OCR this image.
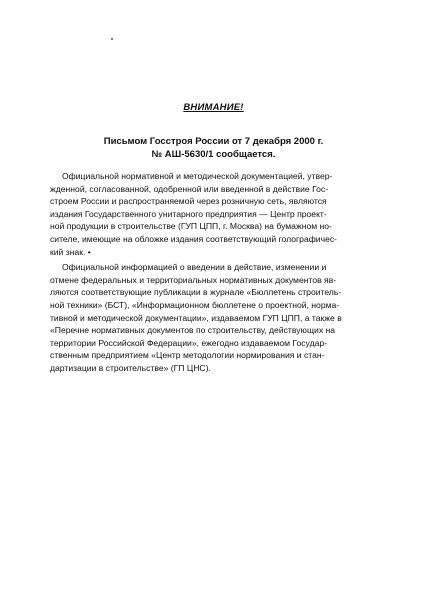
ВНИМАНИЕ!
Письмом Госстроя России от 7 декабря 2000 г.
№ АШ-5630/1 сообщается.

Официальной нормативной и методической документацией, утвер-
жденной, согласованной, одобренной или введенной в действие Гос-
строем России и распространяемой через розничную сеть, являются
издания Государственного унитарного предприятия — Центр проект-
ной продукции в строительстве (ГУП ЦПП, г. Москва) на бумажном но-
сителе, имеющие на обложке издания соответствующий голографичес-
кий знак. •

Официальной информацией о введении в действие, изменении и
отмене федеральных и территориальных нормативных документов яв-
ляются соответствующие публикации в журнале «Бюллетень строитель-
ной техники» (БСТ), «Информационном бюллетене о проектной, норма-
тивной и методической документации», издаваемом ГУП ЦПП, а также в
«Перечне нормативных документов по строительству, действующих на
территории Российской Федерации», ежегодно издаваемом Государ-
ственным предприятием «Центр методологии нормирования и стан-
дартизации в строительстве» (ГП ЦНС).
